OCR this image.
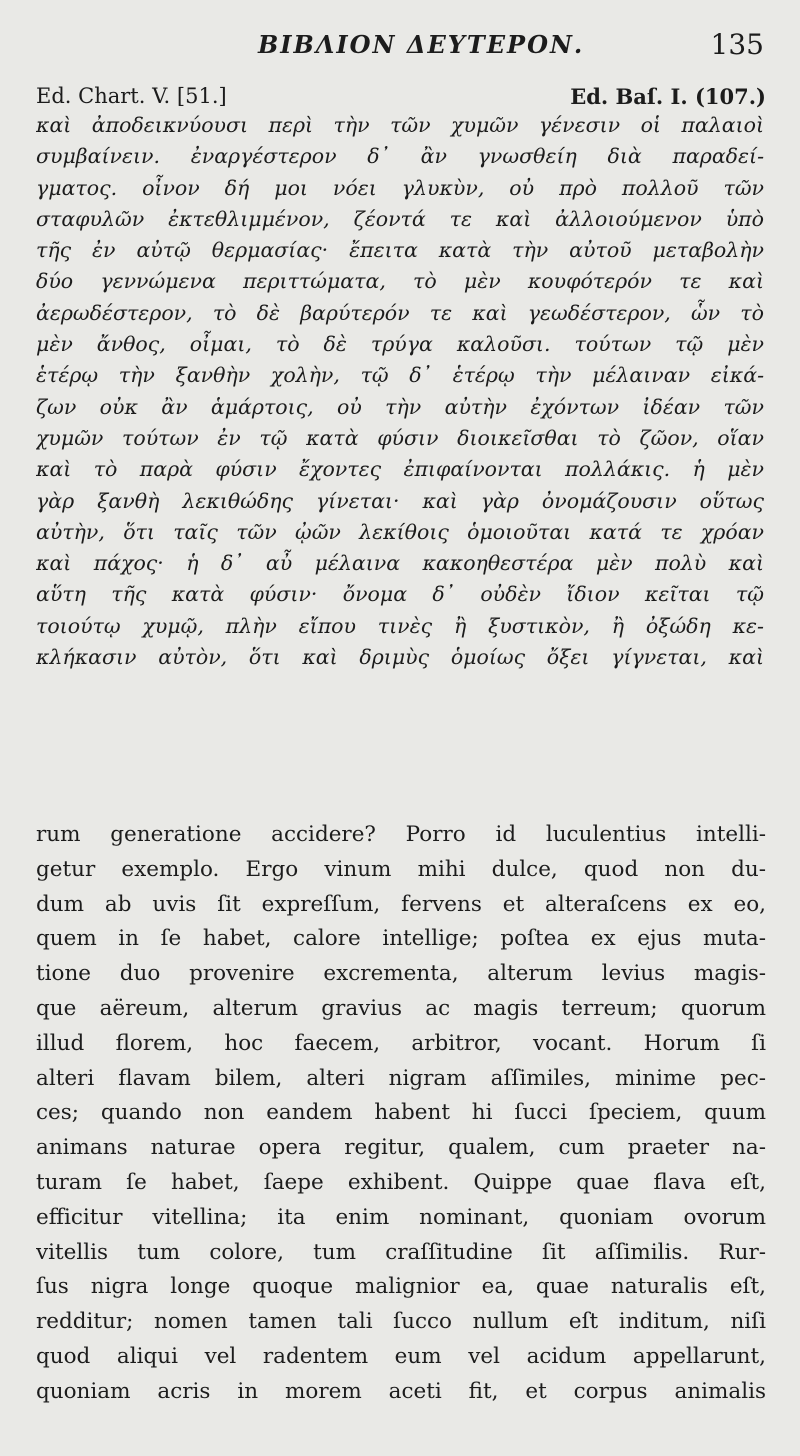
ΒΙΒΛΙΟΝ ΔΕΥΤΕΡΟΝ.	135
Ed. Chart. V. [51.]	Ed. Baſ. I. (107.)
καὶ ἀποδεικνύουσι περὶ τὴν τῶν χυμῶν γένεσιν οἱ παλαιοὶ
συμβαίνειν. ἐναργέστερον δ᾽ ἂν γνωσθείη διὰ παραδεί-
γματος. οἶνον δή μοι νόει γλυκὺν, οὐ πρὸ πολλοῦ τῶν
σταφυλῶν ἐκτεθλιμμένον, ζέοντά τε καὶ ἀλλοιούμενον ὑπὸ
τῆς ἐν αὐτῷ θερμασίας· ἔπειτα κατὰ τὴν αὐτοῦ μεταβολὴν
δύο γεννώμενα περιττώματα, τὸ μὲν κουφότερόν τε καὶ
ἀερωδέστερον, τὸ δὲ βαρύτερόν τε καὶ γεωδέστερον, ὧν τὸ
μὲν ἄνθος, οἶμαι, τὸ δὲ τρύγα καλοῦσι. τούτων τῷ μὲν
ἑτέρῳ τὴν ξανθὴν χολὴν, τῷ δ᾽ ἑτέρῳ τὴν μέλαιναν εἰκά-
ζων οὐκ ἂν ἁμάρτοις, οὐ τὴν αὐτὴν ἐχόντων ἰδέαν τῶν
χυμῶν τούτων ἐν τῷ κατὰ φύσιν διοικεῖσθαι τὸ ζῶον, οἵαν
καὶ τὸ παρὰ φύσιν ἔχοντες ἐπιφαίνονται πολλάκις. ἡ μὲν
γὰρ ξανθὴ λεκιθώδης γίνεται· καὶ γὰρ ὀνομάζουσιν οὕτως
αὐτὴν, ὅτι ταῖς τῶν ᾠῶν λεκίθοις ὁμοιοῦται κατά τε χρόαν
καὶ πάχος· ἡ δ᾽ αὖ μέλαινα κακοηθεστέρα μὲν πολὺ καὶ
αὕτη τῆς κατὰ φύσιν· ὄνομα δ᾽ οὐδὲν ἴδιον κεῖται τῷ
τοιούτῳ χυμῷ, πλὴν εἴπου τινὲς ἢ ξυστικὸν, ἢ ὀξώδη κε-
κλήκασιν αὐτὸν, ὅτι καὶ δριμὺς ὁμοίως ὄξει γίγνεται, καὶ
rum generatione accidere? Porro id luculentius intelli-
getur exemplo. Ergo vinum mihi dulce, quod non du-
dum ab uvis ſit expreſſum, fervens et alteraſcens ex eo,
quem in ſe habet, calore intellige; poſtea ex ejus muta-
tione duo provenire excrementa, alterum levius magis-
que aëreum, alterum gravius ac magis terreum; quorum
illud florem, hoc faecem, arbitror, vocant. Horum ſi
alteri flavam bilem, alteri nigram aſſimiles, minime pec-
ces; quando non eandem habent hi ſucci ſpeciem, quum
animans naturae opera regitur, qualem, cum praeter na-
turam ſe habet, ſaepe exhibent. Quippe quae flava eſt,
efficitur vitellina; ita enim nominant, quoniam ovorum
vitellis tum colore, tum craſſitudine ſit aſſimilis. Rur-
ſus nigra longe quoque malignior ea, quae naturalis eſt,
redditur; nomen tamen tali ſucco nullum eſt inditum, niſi
quod aliqui vel radentem eum vel acidum appellarunt,
quoniam acris in morem aceti fit, et corpus animalis
